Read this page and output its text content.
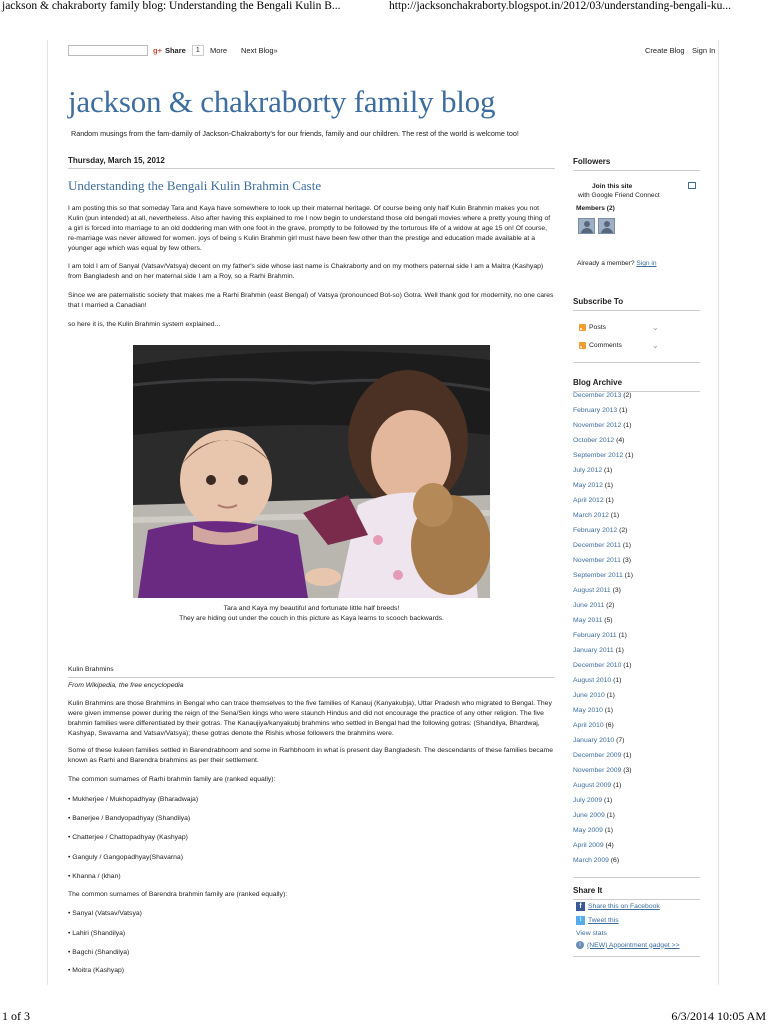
jackson & chakraborty family blog: Understanding the Bengali Kulin B...	http://jacksonchakraborty.blogspot.in/2012/03/understanding-bengali-ku...
g+ Share	1	More Next Blog»	Create Blog Sign In
jackson & chakraborty family blog
Random musings from the fam-damily of Jackson-Chakraborty's for our friends, family and our children. The rest of the world is welcome too!
Thursday, March 15, 2012
Understanding the Bengali Kulin Brahmin Caste
I am posting this so that someday Tara and Kaya have somewhere to look up their maternal heritage. Of course being only half Kulin Brahmin makes you not Kulin (pun intended) at all, nevertheless. Also after having this explained to me I now begin to understand those old bengali movies where a pretty young thing of a girl is forced into marriage to an old doddering man with one foot in the grave, promptly to be followed by the torturous life of a widow at age 15 on! Of course, re-marriage was never allowed for women. joys of being s Kulin Brahmin girl must have been few other than the prestige and education made available at a younger age which was equal by few others.
I am told I am of Sanyal (Vatsav/Vatsya) decent on my father's side whose last name is Chakraborty and on my mothers paternal side I am a Maitra (Kashyap) from Bangladesh and on her maternal side I am a Roy, so a Rarhi Brahmin.
Since we are paternalistic society that makes me a Rarhi Brahmin (east Bengal) of Vatsya (pronounced Bot-so) Gotra. Well thank god for modernity, no one cares that I married a Canadian!
so here it is, the Kulin Brahmin system explained...
Tara and Kaya my beautiful and fortunate little half breeds!
They are hiding out under the couch in this picture as Kaya learns to scooch backwards.
Kulin Brahmins
From Wikipedia, the free encyclopedia
Kulin Brahmins are those Brahmins in Bengal who can trace themselves to the five families of Kanauj (Kanyakubja), Uttar Pradesh who migrated to Bengal. They were given immense power during the reign of the Sena/Sen kings who were staunch Hindus and did not encourage the practice of any other religion. The five brahmin families were differentiated by their gotras. The Kanaujiya/kanyakubj brahmins who settled in Bengal had the following gotras: (Shandilya, Bhardwaj, Kashyap, Swavarna and Vatsav/Vatsya); these gotras denote the Rishis whose followers the brahmins were.
Some of these kuleen families settled in Barendrabhoom and some in Rarhbhoom in what is present day Bangladesh. The descendants of these families became known as Rarhi and Barendra brahmins as per their settlement.
The common surnames of Rarhi brahmin family are (ranked equally):
• Mukherjee / Mukhopadhyay (Bharadwaja)
• Banerjee / Bandyopadhyay (Shandilya)
• Chatterjee / Chattopadhyay (Kashyap)
• Ganguly / Gangopadhyay(Shavarna)
• Khanna / (khan)
The common surnames of Barendra brahmin family are (ranked equally):
• Sanyal (Vatsav/Vatsya)
• Lahiri (Shandilya)
• Bagchi (Shandilya)
• Moitra (Kashyap)
Followers
Join this site
with Google Friend Connect
Members (2)
Already a member? Sign in
Subscribe To
Posts	⌄
Comments	⌄
Blog Archive
December 2013 (2)
February 2013 (1)
November 2012 (1)
October 2012 (4)
September 2012 (1)
July 2012 (1)
May 2012 (1)
April 2012 (1)
March 2012 (1)
February 2012 (2)
December 2011 (1)
November 2011 (3)
September 2011 (1)
August 2011 (3)
June 2011 (2)
May 2011 (5)
February 2011 (1)
January 2011 (1)
December 2010 (1)
August 2010 (1)
June 2010 (1)
May 2010 (1)
April 2010 (6)
January 2010 (7)
December 2009 (1)
November 2009 (3)
August 2009 (1)
July 2009 (1)
June 2009 (1)
May 2009 (1)
April 2009 (4)
March 2009 (6)
Share It
f Share this on Facebook
t Tweet this
View stats
i (NEW) Appointment gadget >>
1 of 3	6/3/2014 10:05 AM
